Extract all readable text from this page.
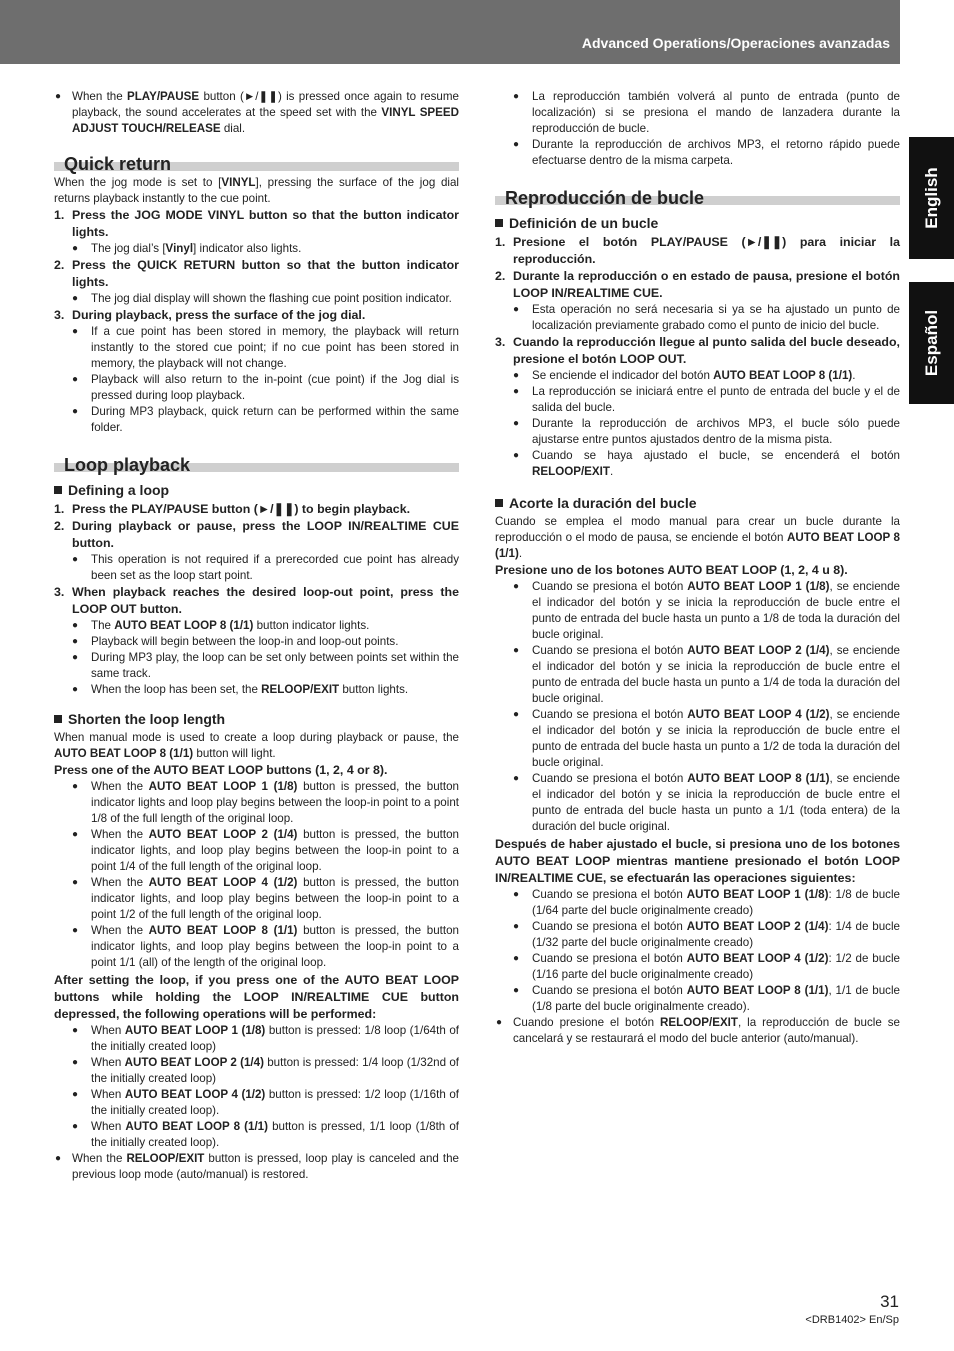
Advanced Operations/Operaciones avanzadas
English
Español

● When the PLAY/PAUSE button (►/❚❚) is pressed once again to resume playback, the sound accelerates at the speed set with the VINYL SPEED ADJUST TOUCH/RELEASE dial.

Quick return

When the jog mode is set to [VINYL], pressing the surface of the jog dial returns playback instantly to the cue point.

1. Press the JOG MODE VINYL button so that the button indicator lights.

● The jog dial’s [Vinyl] indicator also lights.

2. Press the QUICK RETURN button so that the button indicator lights.

● The jog dial display will shown the flashing cue point position indicator.

3. During playback, press the surface of the jog dial.

● If a cue point has been stored in memory, the playback will return instantly to the stored cue point; if no cue point has been stored in memory, the playback will not change.

● Playback will also return to the in-point (cue point) if the Jog dial is pressed during loop playback.

● During MP3 playback, quick return can be performed within the same folder.

Loop playback

Defining a loop

1. Press the PLAY/PAUSE button (►/❚❚) to begin playback.

2. During playback or pause, press the LOOP IN/REALTIME CUE button.

● This operation is not required if a prerecorded cue point has already been set as the loop start point.

3. When playback reaches the desired loop-out point, press the LOOP OUT button.

● The AUTO BEAT LOOP 8 (1/1) button indicator lights.

● Playback will begin between the loop-in and loop-out points.

● During MP3 play, the loop can be set only between points set within the same track.

● When the loop has been set, the RELOOP/EXIT button lights.

Shorten the loop length

When manual mode is used to create a loop during playback or pause, the AUTO BEAT LOOP 8 (1/1) button will light.

Press one of the AUTO BEAT LOOP buttons (1, 2, 4 or 8).

● When the AUTO BEAT LOOP 1 (1/8) button is pressed, the button indicator lights and loop play begins between the loop-in point to a point 1/8 of the full length of the original loop.

● When the AUTO BEAT LOOP 2 (1/4) button is pressed, the button indicator lights, and loop play begins between the loop-in point to a point 1/4 of the full length of the original loop.

● When the AUTO BEAT LOOP 4 (1/2) button is pressed, the button indicator lights, and loop play begins between the loop-in point to a point 1/2 of the full length of the original loop.

● When the AUTO BEAT LOOP 8 (1/1) button is pressed, the button indicator lights, and loop play begins between the loop-in point to a point 1/1 (all) of the length of the original loop.

After setting the loop, if you press one of the AUTO BEAT LOOP buttons while holding the LOOP IN/REALTIME CUE button depressed, the following operations will be performed:

● When AUTO BEAT LOOP 1 (1/8) button is pressed: 1/8 loop (1/64th of the initially created loop)

● When AUTO BEAT LOOP 2 (1/4) button is pressed: 1/4 loop (1/32nd of the initially created loop)

● When AUTO BEAT LOOP 4 (1/2) button is pressed: 1/2 loop (1/16th of the initially created loop).

● When AUTO BEAT LOOP 8 (1/1) button is pressed, 1/1 loop (1/8th of the initially created loop).

● When the RELOOP/EXIT button is pressed, loop play is canceled and the previous loop mode (auto/manual) is restored.

● La reproducción también volverá al punto de entrada (punto de localización) si se presiona el mando de lanzadera durante la reproducción de bucle.

● Durante la reproducción de archivos MP3, el retorno rápido puede efectuarse dentro de la misma carpeta.

Reproducción de bucle

Definición de un bucle

1. Presione el botón PLAY/PAUSE (►/❚❚) para iniciar la reproducción.

2. Durante la reproducción o en estado de pausa, presione el botón LOOP IN/REALTIME CUE.

● Esta operación no será necesaria si ya se ha ajustado un punto de localización previamente grabado como el punto de inicio del bucle.

3. Cuando la reproducción llegue al punto salida del bucle deseado, presione el botón LOOP OUT.

● Se enciende el indicador del botón AUTO BEAT LOOP 8 (1/1).

● La reproducción se iniciará entre el punto de entrada del bucle y el de salida del bucle.

● Durante la reproducción de archivos MP3, el bucle sólo puede ajustarse entre puntos ajustados dentro de la misma pista.

● Cuando se haya ajustado el bucle, se encenderá el botón RELOOP/EXIT.

Acorte la duración del bucle

Cuando se emplea el modo manual para crear un bucle durante la reproducción o el modo de pausa, se enciende el botón AUTO BEAT LOOP 8 (1/1).

Presione uno de los botones AUTO BEAT LOOP (1, 2, 4 u 8).

● Cuando se presiona el botón AUTO BEAT LOOP 1 (1/8), se enciende el indicador del botón y se inicia la reproducción de bucle entre el punto de entrada del bucle hasta un punto a 1/8 de toda la duración del bucle original.

● Cuando se presiona el botón AUTO BEAT LOOP 2 (1/4), se enciende el indicador del botón y se inicia la reproducción de bucle entre el punto de entrada del bucle hasta un punto a 1/4 de toda la duración del bucle original.

● Cuando se presiona el botón AUTO BEAT LOOP 4 (1/2), se enciende el indicador del botón y se inicia la reproducción de bucle entre el punto de entrada del bucle hasta un punto a 1/2 de toda la duración del bucle original.

● Cuando se presiona el botón AUTO BEAT LOOP 8 (1/1), se enciende el indicador del botón y se inicia la reproducción de bucle entre el punto de entrada del bucle hasta un punto a 1/1 (toda entera) de la duración del bucle original.

Después de haber ajustado el bucle, si presiona uno de los botones AUTO BEAT LOOP mientras mantiene presionado el botón LOOP IN/REALTIME CUE, se efectuarán las operaciones siguientes:

● Cuando se presiona el botón AUTO BEAT LOOP 1 (1/8): 1/8 de bucle (1/64 parte del bucle originalmente creado)

● Cuando se presiona el botón AUTO BEAT LOOP 2 (1/4): 1/4 de bucle (1/32 parte del bucle originalmente creado)

● Cuando se presiona el botón AUTO BEAT LOOP 4 (1/2): 1/2 de bucle (1/16 parte del bucle originalmente creado)

● Cuando se presiona el botón AUTO BEAT LOOP 8 (1/1), 1/1 de bucle (1/8 parte del bucle originalmente creado).

● Cuando presione el botón RELOOP/EXIT, la reproducción de bucle se cancelará y se restaurará el modo del bucle anterior (auto/manual).

31
<DRB1402> En/Sp
